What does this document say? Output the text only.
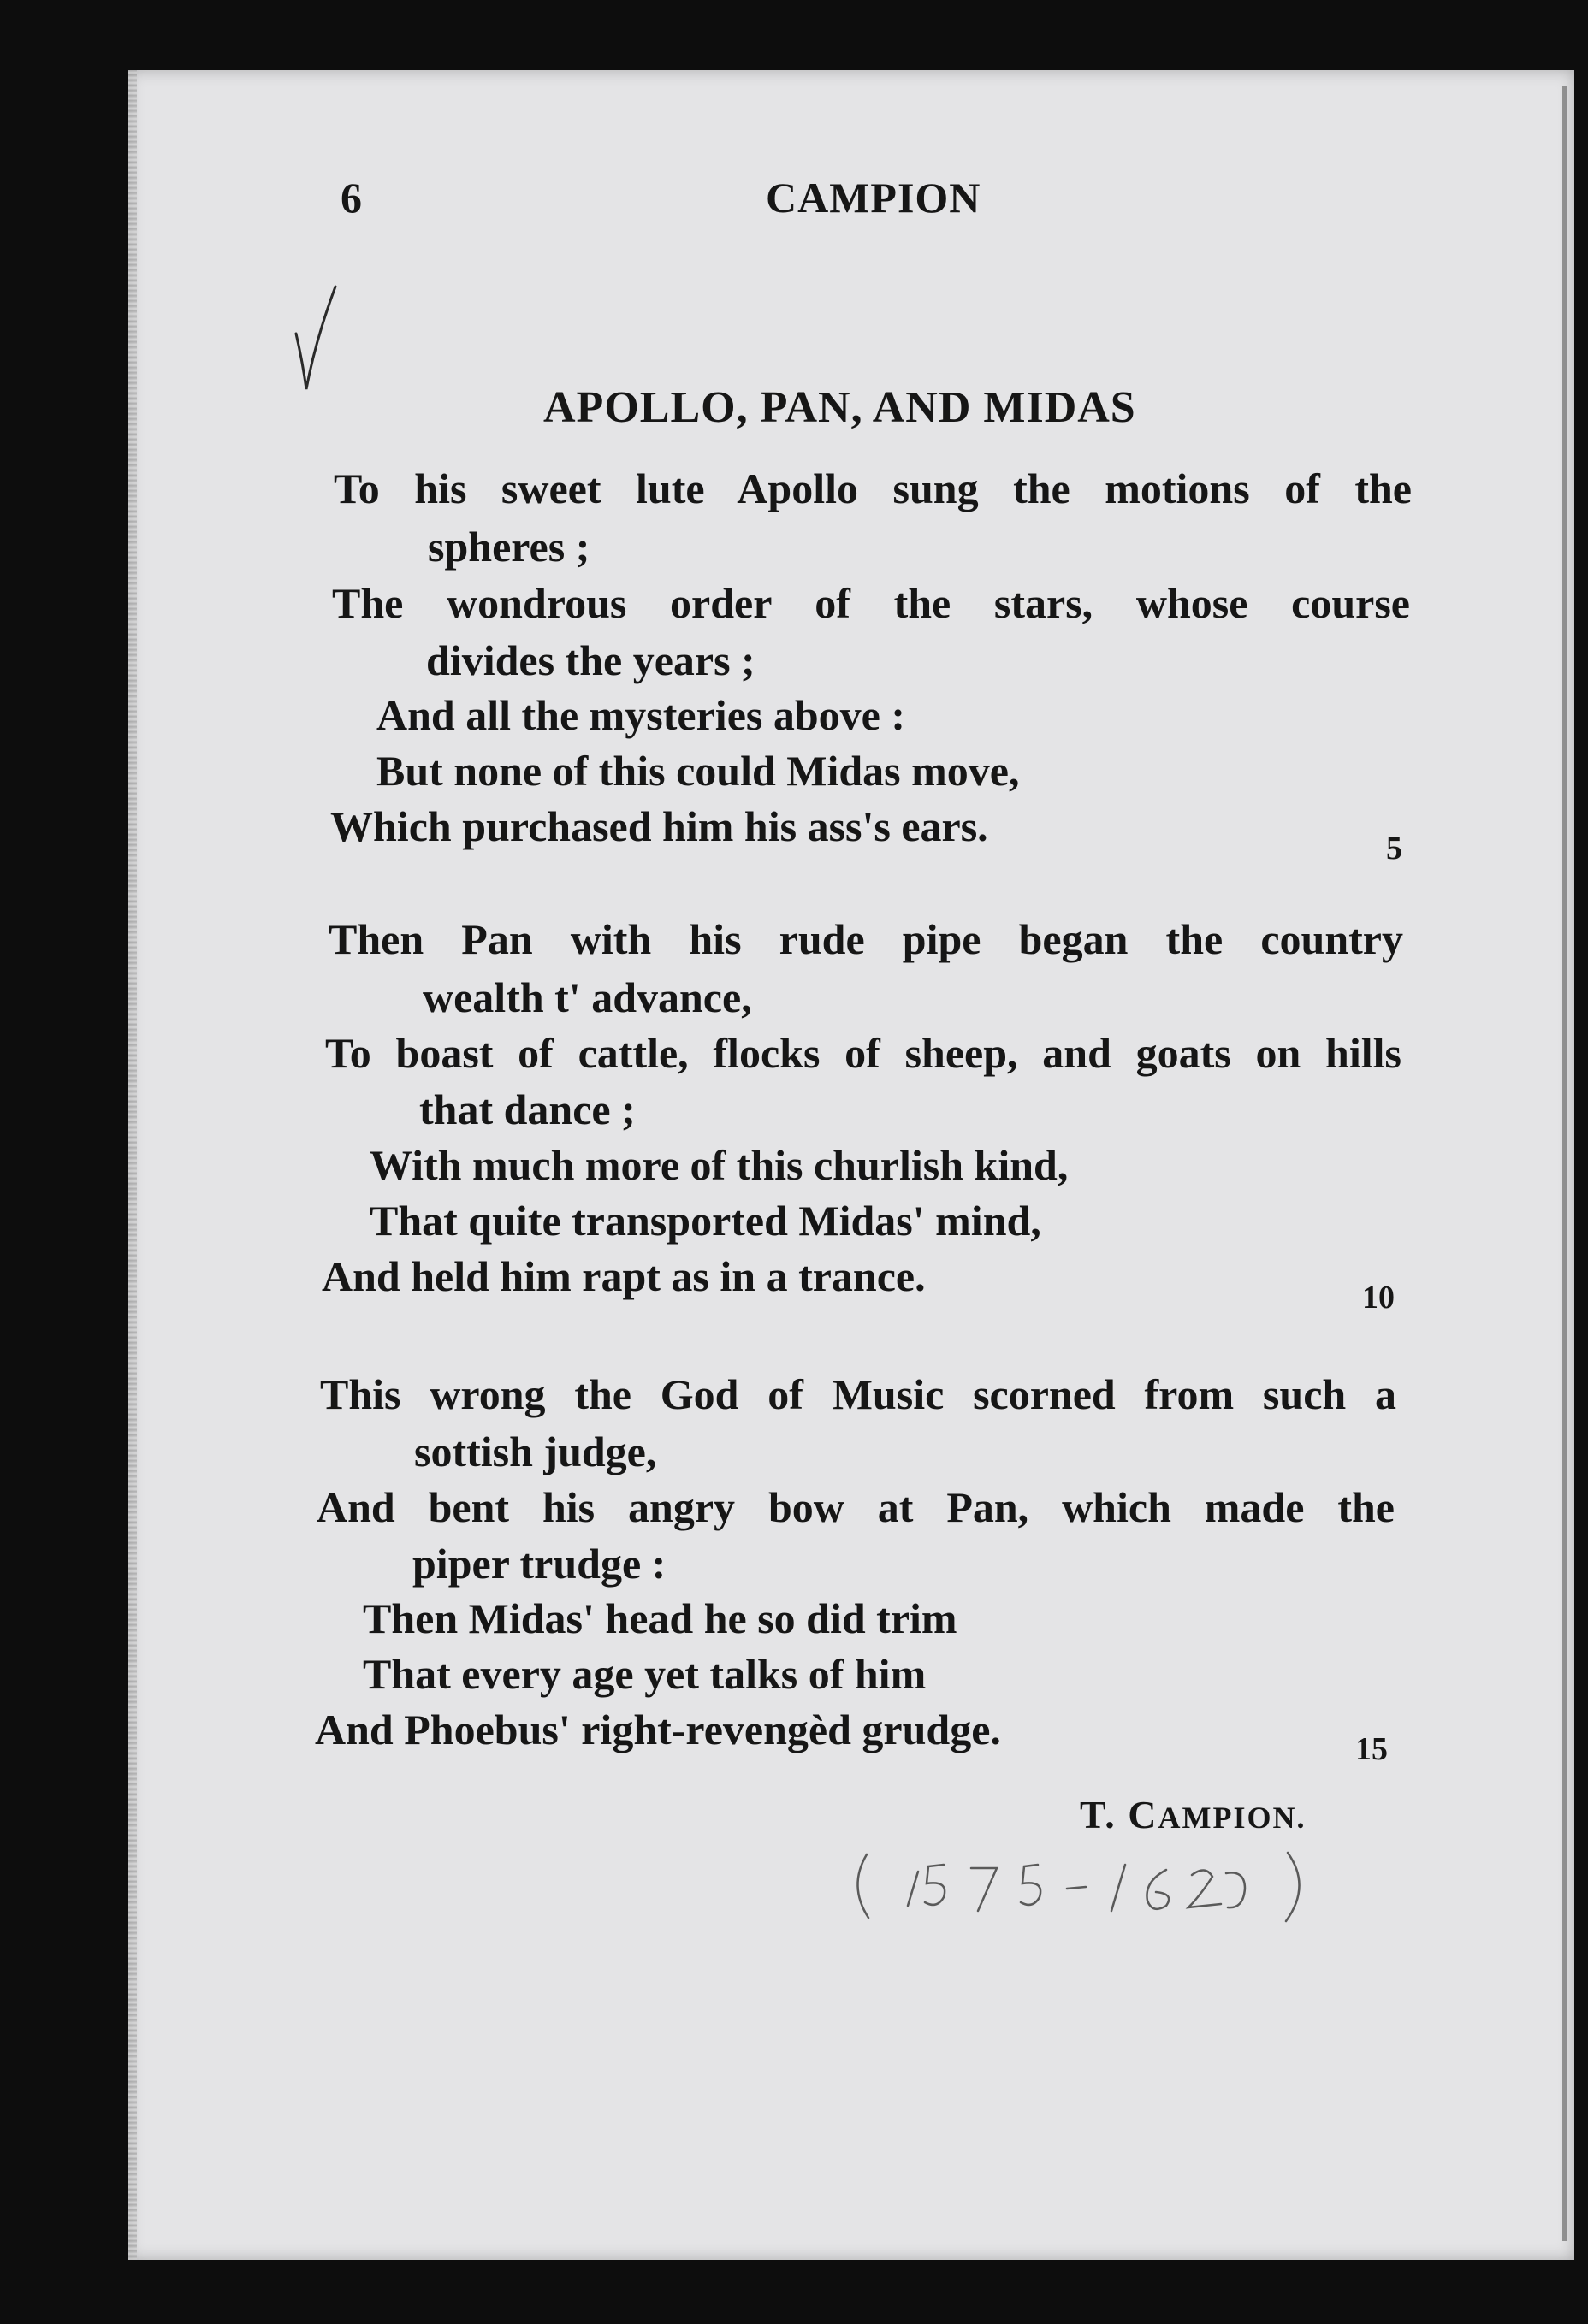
6	CAMPION
APOLLO, PAN, AND MIDAS
To his sweet lute Apollo sung the motions of the
spheres ;
The wondrous order of the stars, whose course
divides the years ;
And all the mysteries above :
But none of this could Midas move,
Which purchased him his ass's ears.	5
Then Pan with his rude pipe began the country
wealth t' advance,
To boast of cattle, flocks of sheep, and goats on hills
that dance ;
With much more of this churlish kind,
That quite transported Midas' mind,
And held him rapt as in a trance.	10
This wrong the God of Music scorned from such a
sottish judge,
And bent his angry bow at Pan, which made the
piper trudge :
Then Midas' head he so did trim
That every age yet talks of him
And Phoebus' right-revengèd grudge.	15
T. CAMPION.
